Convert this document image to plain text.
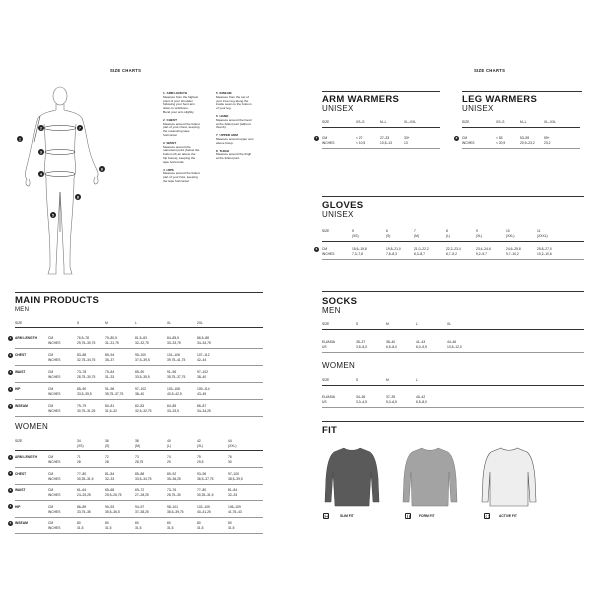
SIZE CHARTS
1
2
3
4
5
6
7
8
1 ARM LENGTH
Measure from the highest
point of your shoulder
following your bent arm
down to wristbone.
Bend your arm slightly.
2 CHEST
Measure around the fullest
part of your chest, keeping
the measuring tape
horizontal.
3 WAIST
Measure around the
narrowest point (below the
bottom rib an above the
hip bones), keeping the
tape horizontal.
4 HIPS
Measure around the fullest
part of your hips, keeping
the tape horizontal.
5 INSEAM
Measure from the top of
your inner leg along the
inside seam to the bottom
of your leg.
6 HAND
Measure around the hand
at the fullest part (without
thumb).
7 UPPER ARM
Measure around upper arm
above bicep.
8 THIGH
Measure around the thigh
at the fullest part.
MAIN PRODUCTS
MEN
SIZE	S	M	L	XL	2XL
1	ARM LENGTH	CM
INCHES
76,5–78	79–80,5	81,5–83	84–85,5	86,5–88
29,75–30,75	31–31,75	32–32,75	33–33,75	34–34,75
2	CHEST	CM
INCHES
83–88	89–94	95–100	101–106	107–112
32,75–34,75	35–37	37,5–39,5	39,75–41,75	42–44
3	WAIST	CM
INCHES
73–78	79–84	85–90	91–96	97–102
28,75–30,75	31–33	33,5–35,5	35,75–37,75	38–40
4	HIP	CM
INCHES
85–90	91–96	97–102	103–108	109–114
33,5–35,5	35,75–37,75	38–40	40,5–42,5	43–45
5	INSEAM	CM
INCHES
79–79	80–81	82–83	84–85	86–87
30,75–31,25	31,5–32	32,5–32,75	33–33,5	34–34,25
WOMEN
SIZE	34	36	38	40	42	44
(XS)	(S)	(M)	(L)	(XL)	(XXL)
1	ARM LENGTH	CM
INCHES
71	72	73	74	75	76
28	28	28,75	29	29,5	30
2	CHEST	CM
INCHES
77–80	81–84	85–88	89–92	93–96	97–100
30,25–31,5	32–33	33,5–34,75	35–36,25	36,5–37,75	38,5–39,5
3	WAIST	CM
INCHES
61–64	65–68	69–72	73–76	77–80	81–84
24–25,25	25,5–26,75	27–28,25	28,75–30	30,25–31,5	32–33
4	HIP	CM
INCHES
86–89	90–93	94–97	98–101	102–105	106–109
33,75–35	35,5–36,5	37–38,25	38,5–39,75	40–41,25	41,75–43
5	INSEAM	CM
INCHES
80	80	80	80	80	80
31,5	31,5	31,5	31,5	31,5	31,5
SIZE CHARTS
ARM WARMERS
UNISEX
SIZE	XS–S	M–L	XL–XXL
7	CM
INCHES
< 27	27–33	33+
< 10,5	10,5–13	13
LEG WARMERS
UNISEX
SIZE	XS–S	M–L	XL–XXL
8	CM
INCHES
< 53	53–59	59+
< 20,9	20,9–23,2	23,2
GLOVES
UNISEX
SIZE	5	6	7	8	9	10	11
(XS)	(S)	(M)	(L)	(XL)	(XXL)	(XXXL)
6	CM
INCHES
18,6–19,8	19,8–21,0	21,0–22,2	22,2–23,4	23,4–24,6	24,6–25,8	25,8–27,0
7,3–7,8	7,8–8,3	8,3–8,7	8,7–9,2	9,2–9,7	9,7–10,2	10,2–10,6
SOCKS
MEN
SIZE	S	M	L	XL
EU/ASIA
US
35–37	38–40	41–43	44–46
3,5–5,0	6,5–8,0	6,0–9,5	10,5–12,0
WOMEN
SIZE	S	M	L
EU/ASIA
US
34–36	37–39	40–42
3,0–4,5	5,0–6,5	6,5–8,0
FIT
SLIM FIT	FORM FIT	ACTIVE FIT
